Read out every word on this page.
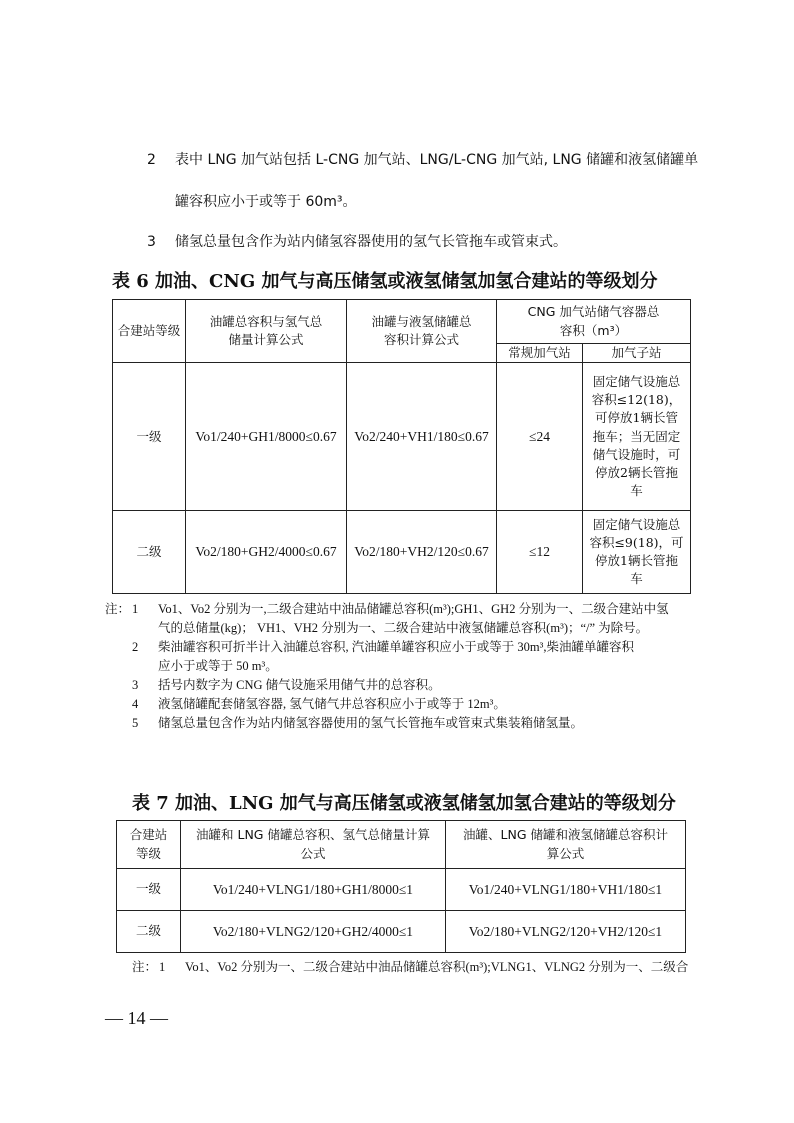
2	表中 LNG 加气站包括 L-CNG 加气站、LNG/L-CNG 加气站, LNG 储罐和液氢储罐单
罐容积应小于或等于 60m³。
3	储氢总量包含作为站内储氢容器使用的氢气长管拖车或管束式。
表 6 加油、CNG 加气与高压储氢或液氢储氢加氢合建站的等级划分
合建站等级	油罐总容积与氢气总储量计算公式	油罐与液氢储罐总容积计算公式	CNG 加气站储气容器总容积（m³）	
			常规加气站	加气子站
一级	Vo1/240+GH1/8000≤0.67	Vo2/240+VH1/180≤0.67	≤24	固定储气设施总容积≤12(18)，可停放1辆长管拖车；当无固定储气设施时，可停放2辆长管拖车
二级	Vo2/180+GH2/4000≤0.67	Vo2/180+VH2/120≤0.67	≤12	固定储气设施总容积≤9(18)，可停放1辆长管拖车
注： 1	Vo1、Vo2 分别为一,二级合建站中油品储罐总容积(m³);GH1、GH2 分别为一、二级合建站中氢
气的总储量(kg)； VH1、VH2 分别为一、二级合建站中液氢储罐总容积(m³)；“/” 为除号。
2	柴油罐容积可折半计入油罐总容积, 汽油罐单罐容积应小于或等于 30m³,柴油罐单罐容积
应小于或等于 50 m³。
3	括号内数字为 CNG 储气设施采用储气井的总容积。
4	液氢储罐配套储氢容器, 氢气储气井总容积应小于或等于 12m³。
5	储氢总量包含作为站内储氢容器使用的氢气长管拖车或管束式集装箱储氢量。
表 7 加油、LNG 加气与高压储氢或液氢储氢加氢合建站的等级划分
合建站等级	油罐和 LNG 储罐总容积、氢气总储量计算公式	油罐、LNG 储罐和液氢储罐总容积计算公式
一级	Vo1/240+VLNG1/180+GH1/8000≤1	Vo1/240+VLNG1/180+VH1/180≤1
二级	Vo2/180+VLNG2/120+GH2/4000≤1	Vo2/180+VLNG2/120+VH2/120≤1
注： 1	Vo1、Vo2 分别为一、二级合建站中油品储罐总容积(m³);VLNG1、VLNG2 分别为一、二级合
— 14 —
